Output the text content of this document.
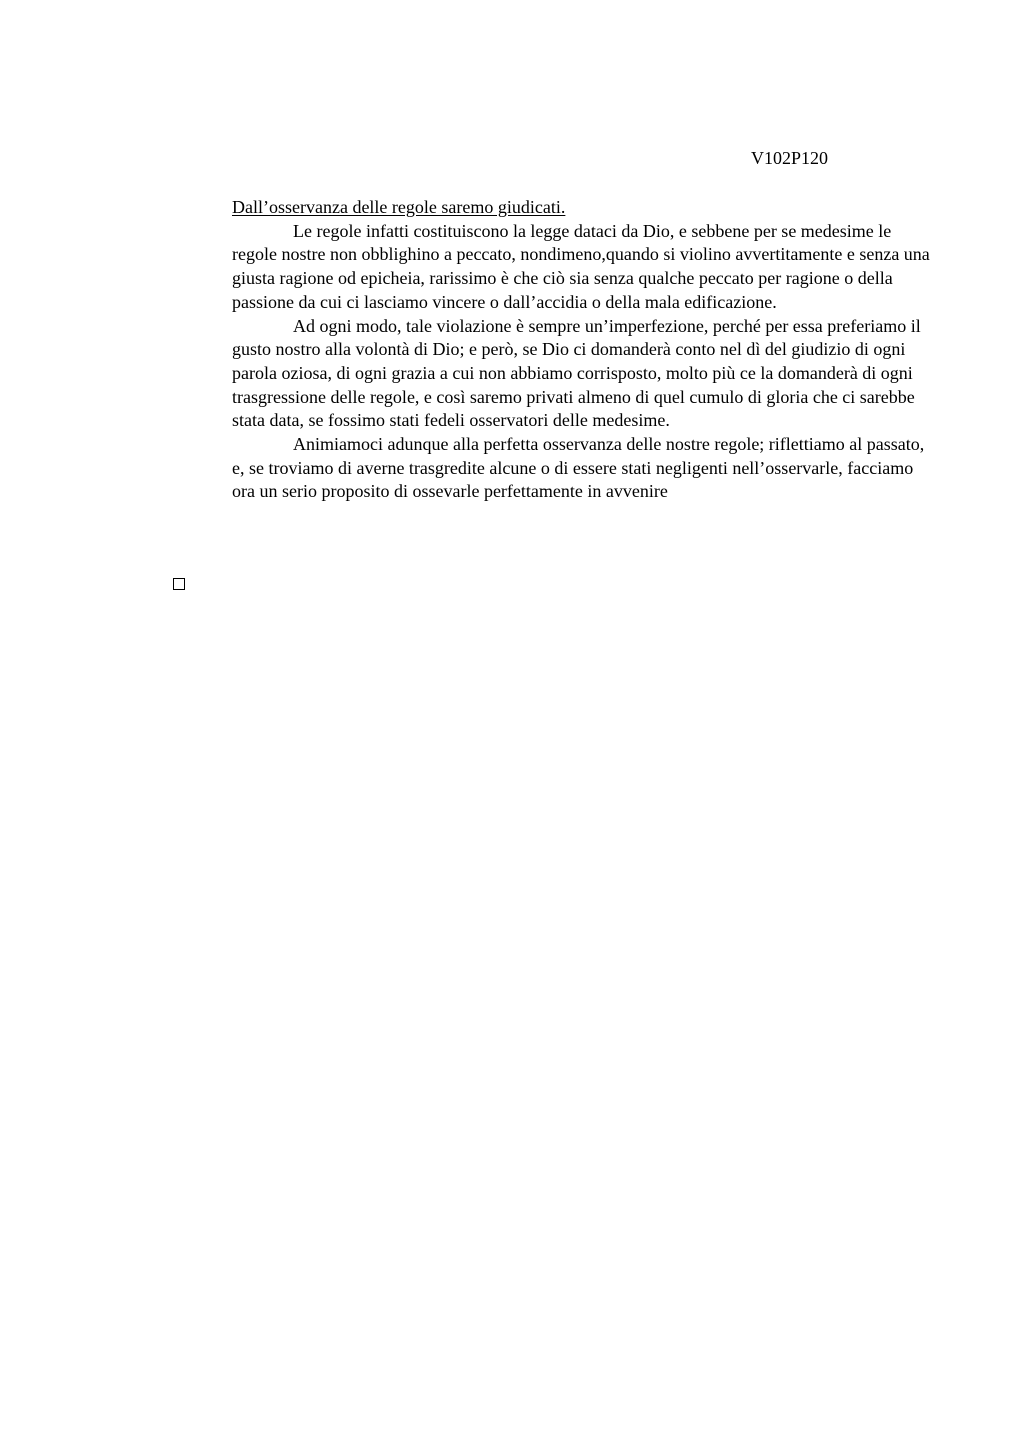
V102P120
Dall’osservanza delle regole saremo giudicati.

Le regole infatti costituiscono la legge dataci da Dio, e sebbene per se medesime le regole nostre non obblighino a peccato, nondimeno,quando si violino avvertitamente e senza una giusta ragione od epicheia, rarissimo è che ciò sia senza qualche peccato per ragione o della passione da cui ci lasciamo vincere o dall’accidia o della mala edificazione.

Ad ogni modo, tale violazione è sempre un’imperfezione, perché per essa preferiamo il gusto nostro alla volontà di Dio; e però, se Dio ci domanderà conto nel dì del giudizio di ogni parola oziosa, di ogni grazia a cui non abbiamo corrisposto, molto più ce la domanderà di ogni trasgressione delle regole, e così saremo privati almeno di quel cumulo di gloria che ci sarebbe stata data, se fossimo stati fedeli osservatori delle medesime.

Animiamoci adunque alla perfetta osservanza delle nostre regole; riflettiamo al passato, e, se troviamo di averne trasgredite alcune o di essere stati negligenti nell’osservarle, facciamo ora un serio proposito di ossevarle perfettamente in avvenire
